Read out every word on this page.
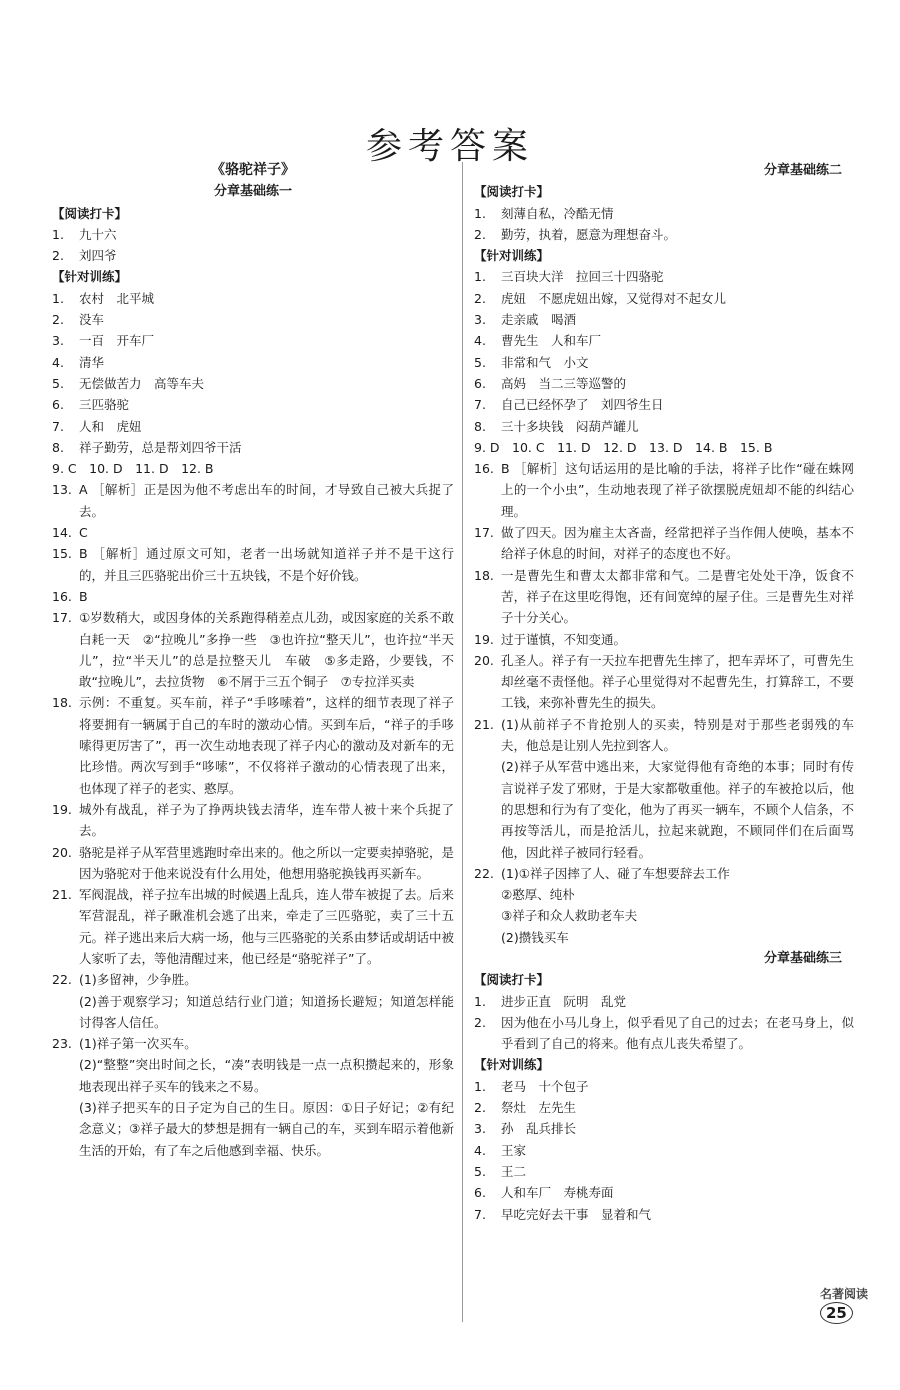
参考答案
《骆驼祥子》
分章基础练一
【阅读打卡】
1.	九十六
2.	刘四爷
【针对训练】
1.	农村　北平城
2.	没车
3.	一百　开车厂
4.	清华
5.	无偿做苦力　高等车夫
6.	三匹骆驼
7.	人和　虎妞
8.	祥子勤劳，总是帮刘四爷干活
9. C　10. D　11. D　12. B
13. A ［解析］正是因为他不考虑出车的时间，才导致自己被大兵捉了去。
14. C
15. B ［解析］通过原文可知，老者一出场就知道祥子并不是干这行的，并且三匹骆驼出价三十五块钱，不是个好价钱。
16. B
17. ①岁数稍大，或因身体的关系跑得稍差点儿劲，或因家庭的关系不敢白耗一天　②“拉晚儿”多挣一些　③也许拉“整天儿”，也许拉“半天儿”，拉“半天儿”的总是拉整天儿　车破　⑤多走路，少要钱，不敢“拉晚儿”，去拉货物　⑥不屑于三五个铜子　⑦专拉洋买卖
18. 示例：不重复。买车前，祥子“手哆嗦着”，这样的细节表现了祥子将要拥有一辆属于自己的车时的激动心情。买到车后，“祥子的手哆嗦得更厉害了”，再一次生动地表现了祥子内心的激动及对新车的无比珍惜。两次写到手“哆嗦”，不仅将祥子激动的心情表现了出来，也体现了祥子的老实、憨厚。
19. 城外有战乱，祥子为了挣两块钱去清华，连车带人被十来个兵捉了去。
20. 骆驼是祥子从军营里逃跑时牵出来的。他之所以一定要卖掉骆驼，是因为骆驼对于他来说没有什么用处，他想用骆驼换钱再买新车。
21. 军阀混战，祥子拉车出城的时候遇上乱兵，连人带车被捉了去。后来军营混乱，祥子瞅准机会逃了出来，牵走了三匹骆驼，卖了三十五元。祥子逃出来后大病一场，他与三匹骆驼的关系由梦话或胡话中被人家听了去，等他清醒过来，他已经是“骆驼祥子”了。
22. (1)多留神，少争胜。
(2)善于观察学习；知道总结行业门道；知道扬长避短；知道怎样能讨得客人信任。
23. (1)祥子第一次买车。
(2)“整整”突出时间之长，“凑”表明钱是一点一点积攒起来的，形象地表现出祥子买车的钱来之不易。
(3)祥子把买车的日子定为自己的生日。原因：①日子好记；②有纪念意义；③祥子最大的梦想是拥有一辆自己的车，买到车昭示着他新生活的开始，有了车之后他感到幸福、快乐。
分章基础练二
【阅读打卡】
1.	刻薄自私，冷酷无情
2.	勤劳，执着，愿意为理想奋斗。
【针对训练】
1.	三百块大洋　拉回三十四骆驼
2.	虎妞　不愿虎妞出嫁，又觉得对不起女儿
3.	走亲戚　喝酒
4.	曹先生　人和车厂
5.	非常和气　小文
6.	高妈　当二三等巡警的
7.	自己已经怀孕了　刘四爷生日
8.	三十多块钱　闷葫芦罐儿
9. D　10. C　11. D　12. D　13. D　14. B　15. B
16. B ［解析］这句话运用的是比喻的手法，将祥子比作“碰在蛛网上的一个小虫”，生动地表现了祥子欲摆脱虎妞却不能的纠结心理。
17. 做了四天。因为雇主太吝啬，经常把祥子当作佣人使唤，基本不给祥子休息的时间，对祥子的态度也不好。
18. 一是曹先生和曹太太都非常和气。二是曹宅处处干净，饭食不苦，祥子在这里吃得饱，还有间宽绰的屋子住。三是曹先生对祥子十分关心。
19. 过于谨慎，不知变通。
20. 孔圣人。祥子有一天拉车把曹先生摔了，把车弄坏了，可曹先生却丝毫不责怪他。祥子心里觉得对不起曹先生，打算辞工，不要工钱，来弥补曹先生的损失。
21. (1)从前祥子不肯抢别人的买卖，特别是对于那些老弱残的车夫，他总是让别人先拉到客人。
(2)祥子从军营中逃出来，大家觉得他有奇绝的本事；同时有传言说祥子发了邪财，于是大家都敬重他。祥子的车被抢以后，他的思想和行为有了变化，他为了再买一辆车，不顾个人信条，不再按等活儿，而是抢活儿，拉起来就跑，不顾同伴们在后面骂他，因此祥子被同行轻看。
22. (1)①祥子因摔了人、碰了车想要辞去工作
②憨厚、纯朴
③祥子和众人救助老车夫
(2)攒钱买车
分章基础练三
【阅读打卡】
1.	进步正直　阮明　乱党
2.	因为他在小马儿身上，似乎看见了自己的过去；在老马身上，似乎看到了自己的将来。他有点儿丧失希望了。
【针对训练】
1.	老马　十个包子
2.	祭灶　左先生
3.	孙　乱兵排长
4.	王家
5.	王二
6.	人和车厂　寿桃寿面
7.	早吃完好去干事　显着和气
名著阅读25
